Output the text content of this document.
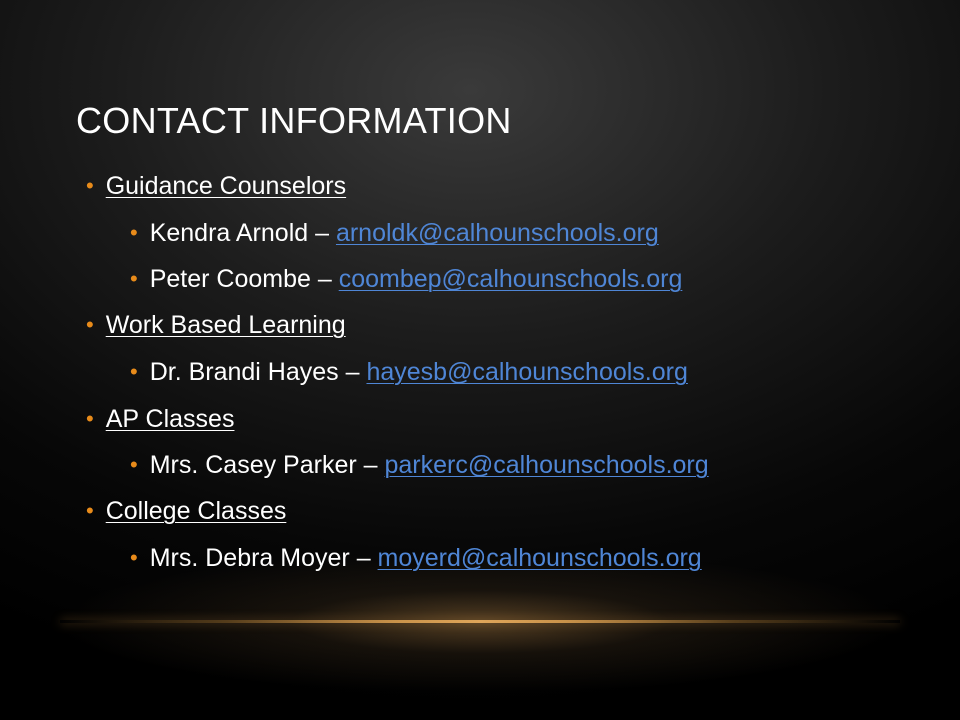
CONTACT INFORMATION
• Guidance Counselors
• Kendra Arnold – arnoldk@calhounschools.org
• Peter Coombe – coombep@calhounschools.org
• Work Based Learning
• Dr. Brandi Hayes – hayesb@calhounschools.org
• AP Classes
• Mrs. Casey Parker – parkerc@calhounschools.org
• College Classes
• Mrs. Debra Moyer – moyerd@calhounschools.org
